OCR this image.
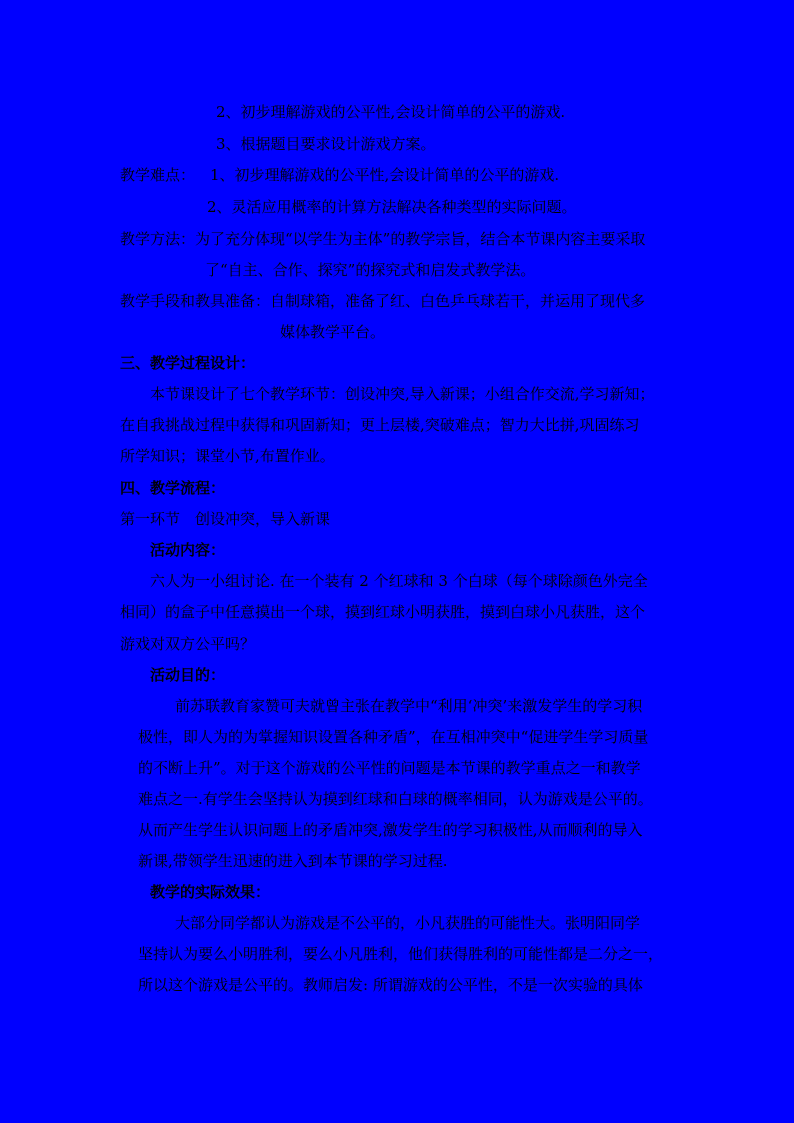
2、初步理解游戏的公平性,会设计简单的公平的游戏.
3、根据题目要求设计游戏方案。
教学难点： 1、初步理解游戏的公平性,会设计简单的公平的游戏.
2、灵活应用概率的计算方法解决各种类型的实际问题。
教学方法：为了充分体现“以学生为主体”的教学宗旨，结合本节课内容主要采取
了“自主、合作、探究”的探究式和启发式教学法。
教学手段和教具准备：自制球箱，准备了红、白色乒乓球若干，并运用了现代多
媒体教学平台。
三、教学过程设计：
本节课设计了七个教学环节：创设冲突,导入新课；小组合作交流,学习新知；
在自我挑战过程中获得和巩固新知；更上层楼,突破难点；智力大比拼,巩固练习
所学知识；课堂小节,布置作业。
四、教学流程：
第一环节　创设冲突，导入新课
活动内容：
六人为一小组讨论. 在一个装有 2 个红球和 3 个白球（每个球除颜色外完全
相同）的盒子中任意摸出一个球，摸到红球小明获胜，摸到白球小凡获胜，这个
游戏对双方公平吗？
活动目的：
前苏联教育家赞可夫就曾主张在教学中“利用‘冲突’来激发学生的学习积
极性，即人为的为掌握知识设置各种矛盾”，在互相冲突中“促进学生学习质量
的不断上升”。对于这个游戏的公平性的问题是本节课的教学重点之一和教学
难点之一.有学生会坚持认为摸到红球和白球的概率相同，认为游戏是公平的。
从而产生学生认识问题上的矛盾冲突,激发学生的学习积极性,从而顺利的导入
新课,带领学生迅速的进入到本节课的学习过程.
教学的实际效果：
大部分同学都认为游戏是不公平的，小凡获胜的可能性大。张明阳同学
坚持认为要么小明胜利，要么小凡胜利，他们获得胜利的可能性都是二分之一，
所以这个游戏是公平的。教师启发: 所谓游戏的公平性，不是一次实验的具体
